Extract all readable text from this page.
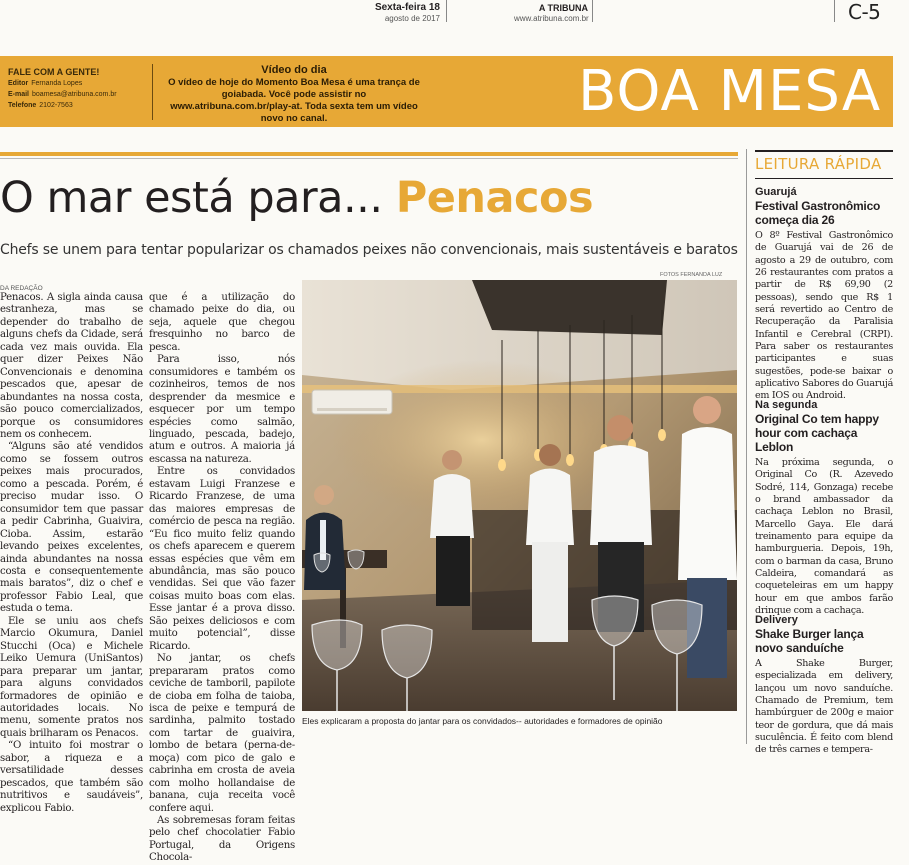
Sexta-feira 18
agosto de 2017
A TRIBUNA
www.atribuna.com.br	C-5
FALE COM A GENTE!
Editor Fernanda Lopes
E-mail boamesa@atribuna.com.br
Telefone 2102-7563
Vídeo do dia
O vídeo de hoje do Momento Boa Mesa é uma trança de goiabada. Você pode assistir no www.atribuna.com.br/play-at. Toda sexta tem um vídeo novo no canal.	BOA MESA
O mar está para... Penacos
Chefs se unem para tentar popularizar os chamados peixes não convencionais, mais sustentáveis e baratos
DA REDAÇÃO

Penacos. A sigla ainda causa estranheza, mas se depender do trabalho de alguns chefs da Cidade, será cada vez mais ouvida. Ela quer dizer Peixes Não Convencionais e denomina pescados que, apesar de abundantes na nossa costa, são pouco comercializados, porque os consumidores nem os conhecem.

“Alguns são até vendidos como se fossem outros peixes mais procurados, como a pescada. Porém, é preciso mudar isso. O consumidor tem que passar a pedir Cabrinha, Guaivira, Cioba. Assim, estarão levando peixes excelentes, ainda abundantes na nossa costa e consequentemente mais baratos”, diz o chef e professor Fabio Leal, que estuda o tema.

Ele se uniu aos chefs Marcio Okumura, Daniel Stucchi (Oca) e Michele Leiko Uemura (UniSantos) para preparar um jantar, para alguns convidados formadores de opinião e autoridades locais. No menu, somente pratos nos quais brilharam os Penacos.

“O intuito foi mostrar o sabor, a riqueza e a versatilidade desses pescados, que também são nutritivos e saudáveis”, explicou Fabio.

que é a utilização do chamado peixe do dia, ou seja, aquele que chegou fresquinho no barco de pesca.

Para isso, nós consumidores e também os cozinheiros, temos de nos desprender da mesmice e esquecer por um tempo espécies como salmão, linguado, pescada, badejo, atum e outros. A maioria já escassa na natureza.

Entre os convidados estavam Luigi Franzese e Ricardo Franzese, de uma das maiores empresas de comércio de pesca na região. “Eu fico muito feliz quando os chefs aparecem e querem essas espécies que vêm em abundância, mas são pouco vendidas. Sei que vão fazer coisas muito boas com elas. Esse jantar é a prova disso. São peixes deliciosos e com muito potencial”, disse Ricardo.

No jantar, os chefs prepararam pratos como ceviche de tamboril, papilote de cioba em folha de taioba, isca de peixe e tempurá de sardinha, palmito tostado com tartar de guaivira, lombo de betara (perna-de-moça) com pico de galo e cabrinha em crosta de aveia com molho hollandaise de banana, cuja receita você confere aqui.

As sobremesas foram feitas pelo chef chocolatier Fabio Portugal, da Origens Chocola-

FOTOS FERNANDA LUZ
Eles explicaram a proposta do jantar para os convidados-- autoridades e formadores de opinião
LEITURA RÁPIDA
Guarujá
Festival Gastronômico começa dia 26
O 8º Festival Gastronômico de Guarujá vai de 26 de agosto a 29 de outubro, com 26 restaurantes com pratos a partir de R$ 69,90 (2 pessoas), sendo que R$ 1 será revertido ao Centro de Recuperação da Paralisia Infantil e Cerebral (CRPI). Para saber os restaurantes participantes e suas sugestões, pode-se baixar o aplicativo Sabores do Guarujá em IOS ou Android.
Na segunda
Original Co tem happy hour com cachaça Leblon
Na próxima segunda, o Original Co (R. Azevedo Sodré, 114, Gonzaga) recebe o brand ambassador da cachaça Leblon no Brasil, Marcello Gaya. Ele dará treinamento para equipe da hamburgueria. Depois, 19h, com o barman da casa, Bruno Caldeira, comandará as coqueteleiras em um happy hour em que ambos farão drinque com a cachaça.
Delivery
Shake Burger lança novo sanduíche
A Shake Burger, especializada em delivery, lançou um novo sanduíche. Chamado de Premium, tem hambúrguer de 200g e maior teor de gordura, que dá mais suculência. É feito com blend de três carnes e tempera-
